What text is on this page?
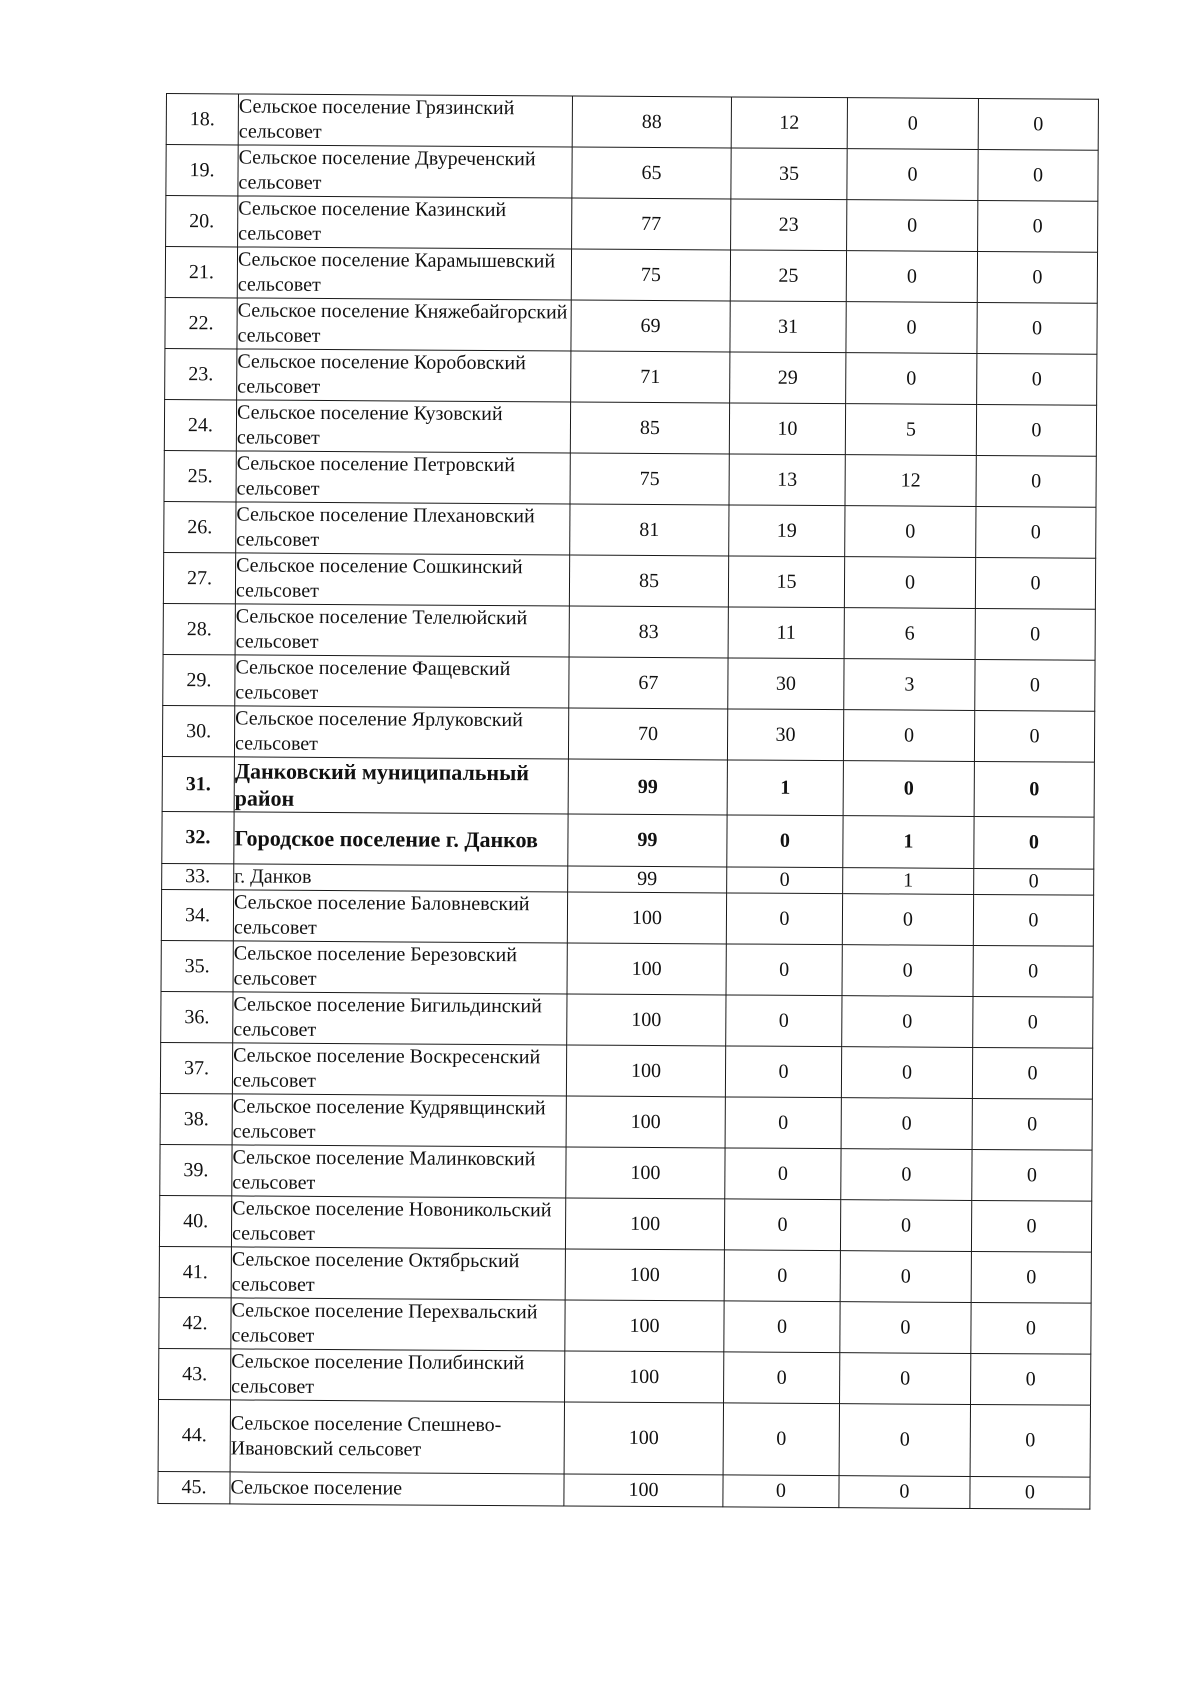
18.	Сельское поселение Грязинский сельсовет	88	12	0	0
19.	Сельское поселение Двуреченский сельсовет	65	35	0	0
20.	Сельское поселение Казинский сельсовет	77	23	0	0
21.	Сельское поселение Карамышевский сельсовет	75	25	0	0
22.	Сельское поселение Княжебайгорский сельсовет	69	31	0	0
23.	Сельское поселение Коробовский сельсовет	71	29	0	0
24.	Сельское поселение Кузовский сельсовет	85	10	5	0
25.	Сельское поселение Петровский сельсовет	75	13	12	0
26.	Сельское поселение Плехановский сельсовет	81	19	0	0
27.	Сельское поселение Сошкинский сельсовет	85	15	0	0
28.	Сельское поселение Телелюйский сельсовет	83	11	6	0
29.	Сельское поселение Фащевский сельсовет	67	30	3	0
30.	Сельское поселение Ярлуковский сельсовет	70	30	0	0
31.	Данковский муниципальный район	99	1	0	0
32.	Городское поселение г. Данков	99	0	1	0
33.	г. Данков	99	0	1	0
34.	Сельское поселение Баловневский сельсовет	100	0	0	0
35.	Сельское поселение Березовский сельсовет	100	0	0	0
36.	Сельское поселение Бигильдинский сельсовет	100	0	0	0
37.	Сельское поселение Воскресенский сельсовет	100	0	0	0
38.	Сельское поселение Кудрявщинский сельсовет	100	0	0	0
39.	Сельское поселение Малинковский сельсовет	100	0	0	0
40.	Сельское поселение Новоникольский сельсовет	100	0	0	0
41.	Сельское поселение Октябрьский сельсовет	100	0	0	0
42.	Сельское поселение Перехвальский сельсовет	100	0	0	0
43.	Сельское поселение Полибинский сельсовет	100	0	0	0
44.	Сельское поселение Спешнево-Ивановский сельсовет	100	0	0	0
45.	Сельское поселение	100	0	0	0
